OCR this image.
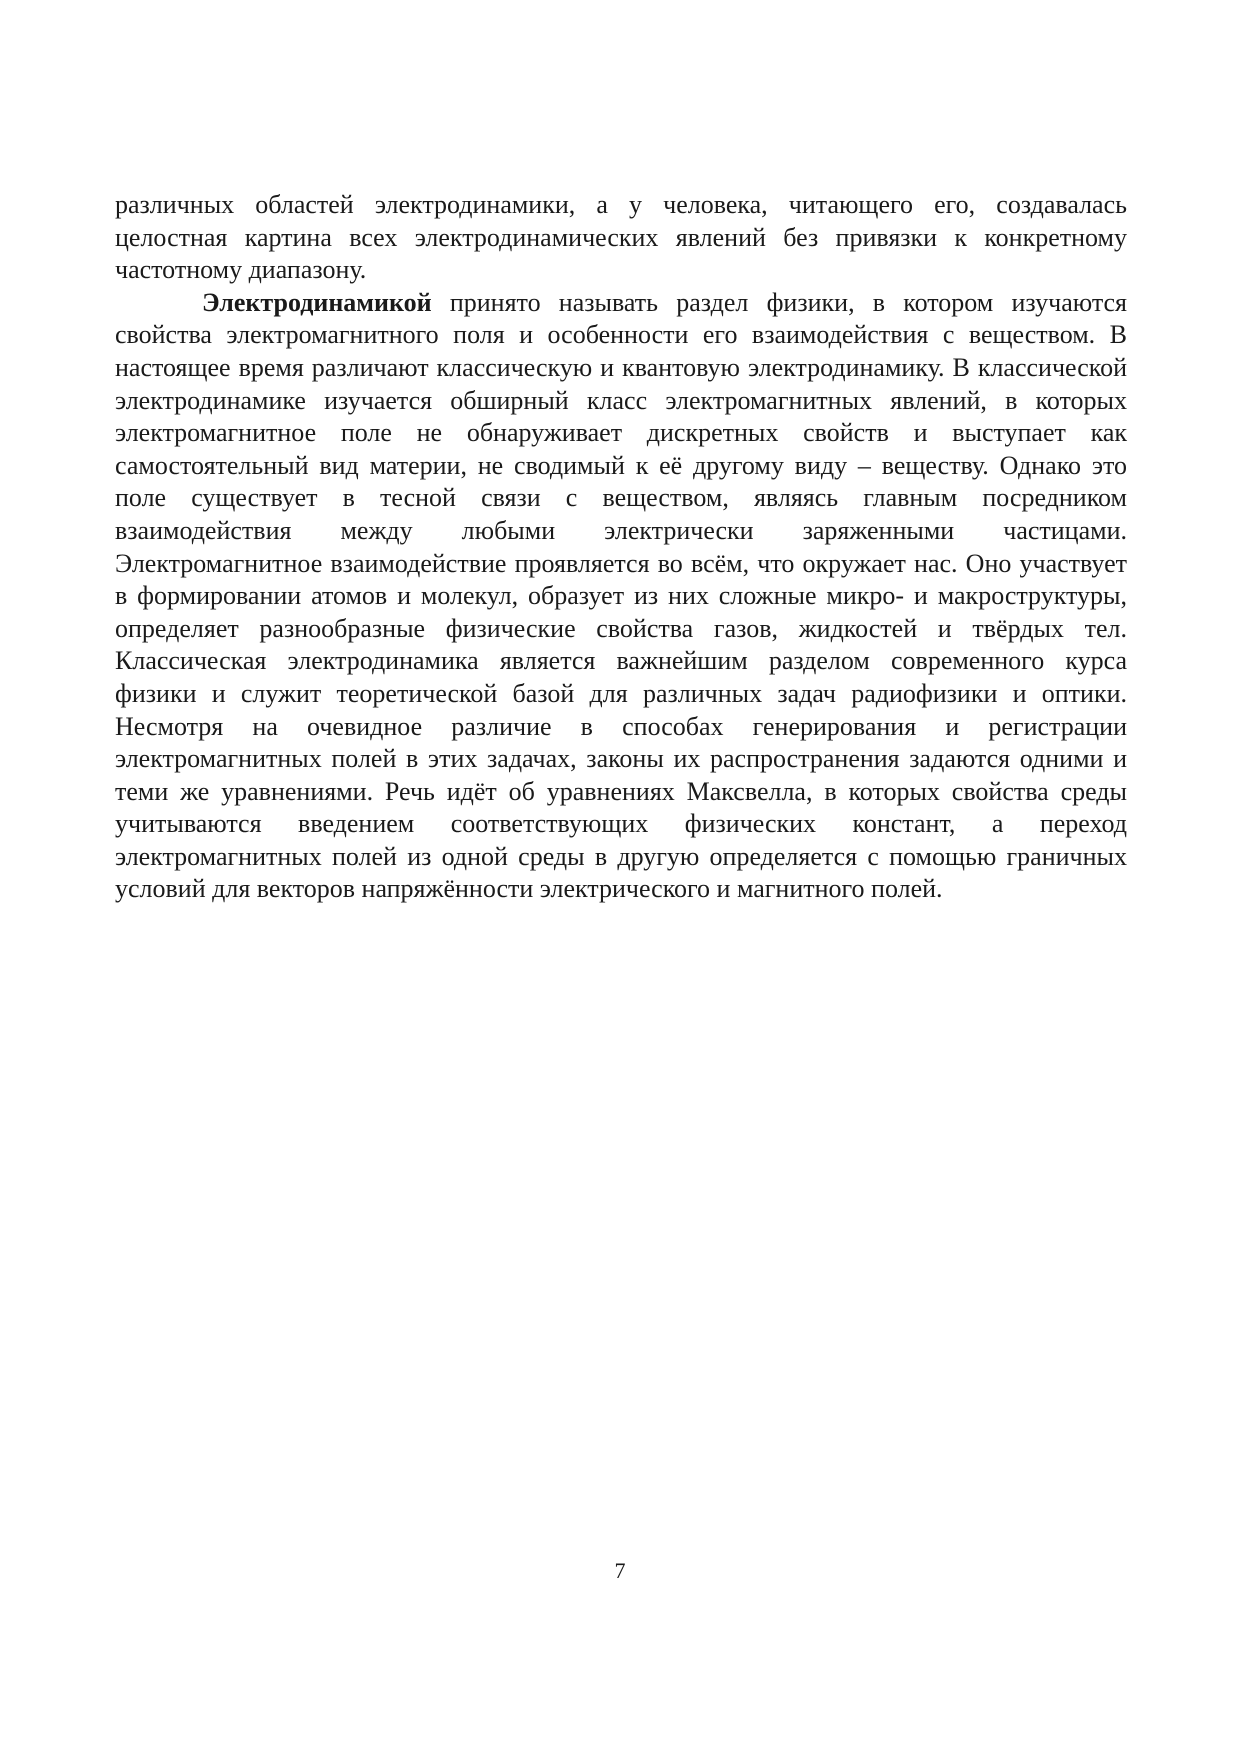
различных областей электродинамики, а у человека, читающего его, создавалась целостная картина всех электродинамических явлений без привязки к конкретному частотному диапазону.

Электродинамикой принято называть раздел физики, в котором изучаются свойства электромагнитного поля и особенности его взаимодействия с веществом. В настоящее время различают классическую и квантовую электродинамику. В классической электродинамике изучается обширный класс электромагнитных явлений, в которых электромагнитное поле не обнаруживает дискретных свойств и выступает как самостоятельный вид материи, не сводимый к её другому виду – веществу. Однако это поле существует в тесной связи с веществом, являясь главным посредником взаимодействия между любыми электрически заряженными частицами. Электромагнитное взаимодействие проявляется во всём, что окружает нас. Оно участвует в формировании атомов и молекул, образует из них сложные микро- и макроструктуры, определяет разнообразные физические свойства газов, жидкостей и твёрдых тел. Классическая электродинамика является важнейшим разделом современного курса физики и служит теоретической базой для различных задач радиофизики и оптики. Несмотря на очевидное различие в способах генерирования и регистрации электромагнитных полей в этих задачах, законы их распространения задаются одними и теми же уравнениями. Речь идёт об уравнениях Максвелла, в которых свойства среды учитываются введением соответствующих физических констант, а переход электромагнитных полей из одной среды в другую определяется с помощью граничных условий для векторов напряжённости электрического и магнитного полей.

7
